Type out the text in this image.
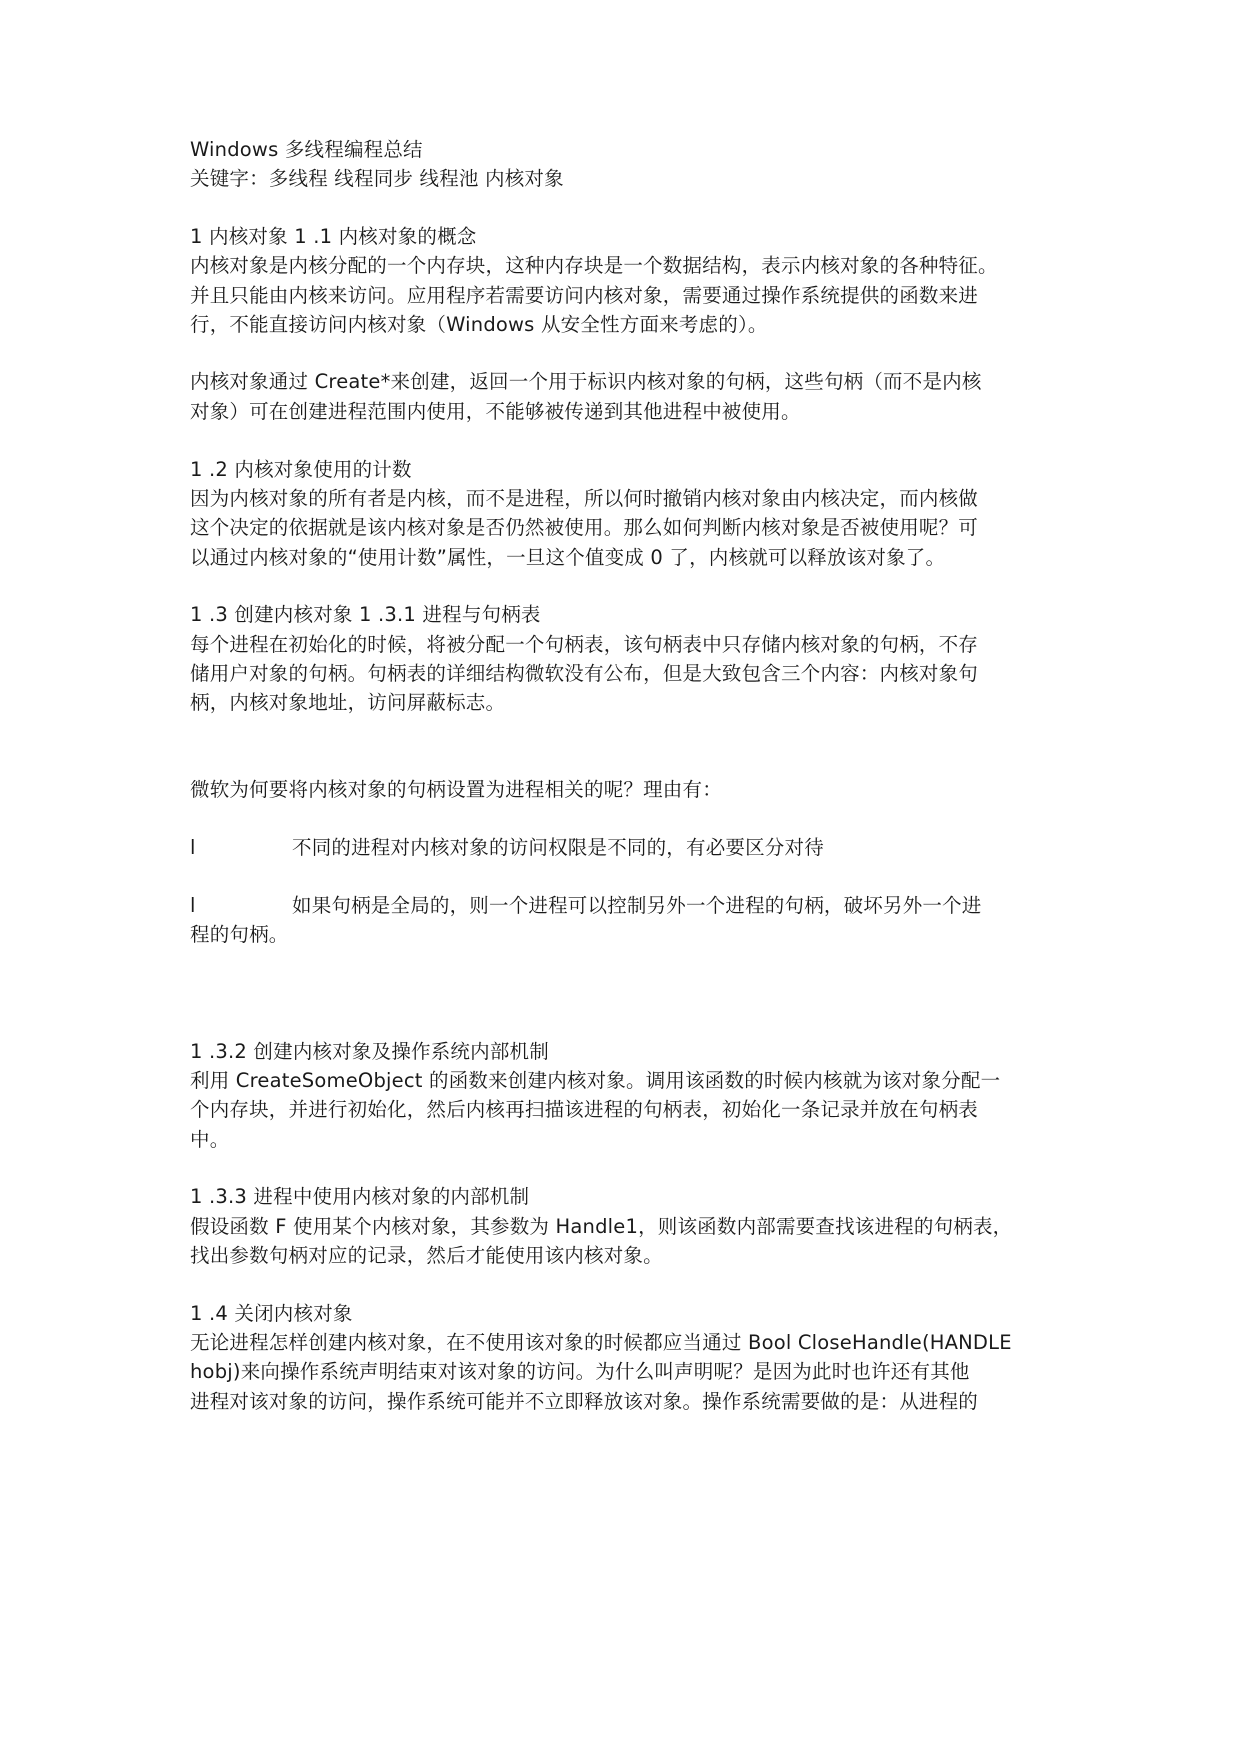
Windows 多线程编程总结
关键字：多线程 线程同步 线程池 内核对象
1 内核对象 1 .1 内核对象的概念
内核对象是内核分配的一个内存块，这种内存块是一个数据结构，表示内核对象的各种特征。
并且只能由内核来访问。应用程序若需要访问内核对象，需要通过操作系统提供的函数来进
行，不能直接访问内核对象（Windows 从安全性方面来考虑的）。
内核对象通过 Create*来创建，返回一个用于标识内核对象的句柄，这些句柄（而不是内核
对象）可在创建进程范围内使用，不能够被传递到其他进程中被使用。
1 .2 内核对象使用的计数
因为内核对象的所有者是内核，而不是进程，所以何时撤销内核对象由内核决定，而内核做
这个决定的依据就是该内核对象是否仍然被使用。那么如何判断内核对象是否被使用呢？可
以通过内核对象的“使用计数”属性，一旦这个值变成 0 了，内核就可以释放该对象了。
1 .3 创建内核对象 1 .3.1 进程与句柄表
每个进程在初始化的时候，将被分配一个句柄表，该句柄表中只存储内核对象的句柄，不存
储用户对象的句柄。句柄表的详细结构微软没有公布，但是大致包含三个内容：内核对象句
柄，内核对象地址，访问屏蔽标志。
微软为何要将内核对象的句柄设置为进程相关的呢？理由有：
l	不同的进程对内核对象的访问权限是不同的，有必要区分对待
l	如果句柄是全局的，则一个进程可以控制另外一个进程的句柄，破坏另外一个进
程的句柄。
1 .3.2 创建内核对象及操作系统内部机制
利用 CreateSomeObject 的函数来创建内核对象。调用该函数的时候内核就为该对象分配一
个内存块，并进行初始化，然后内核再扫描该进程的句柄表，初始化一条记录并放在句柄表
中。
1 .3.3 进程中使用内核对象的内部机制
假设函数 F 使用某个内核对象，其参数为 Handle1，则该函数内部需要查找该进程的句柄表，
找出参数句柄对应的记录，然后才能使用该内核对象。
1 .4 关闭内核对象
无论进程怎样创建内核对象，在不使用该对象的时候都应当通过 Bool CloseHandle(HANDLE
hobj)来向操作系统声明结束对该对象的访问。为什么叫声明呢？是因为此时也许还有其他
进程对该对象的访问，操作系统可能并不立即释放该对象。操作系统需要做的是：从进程的
